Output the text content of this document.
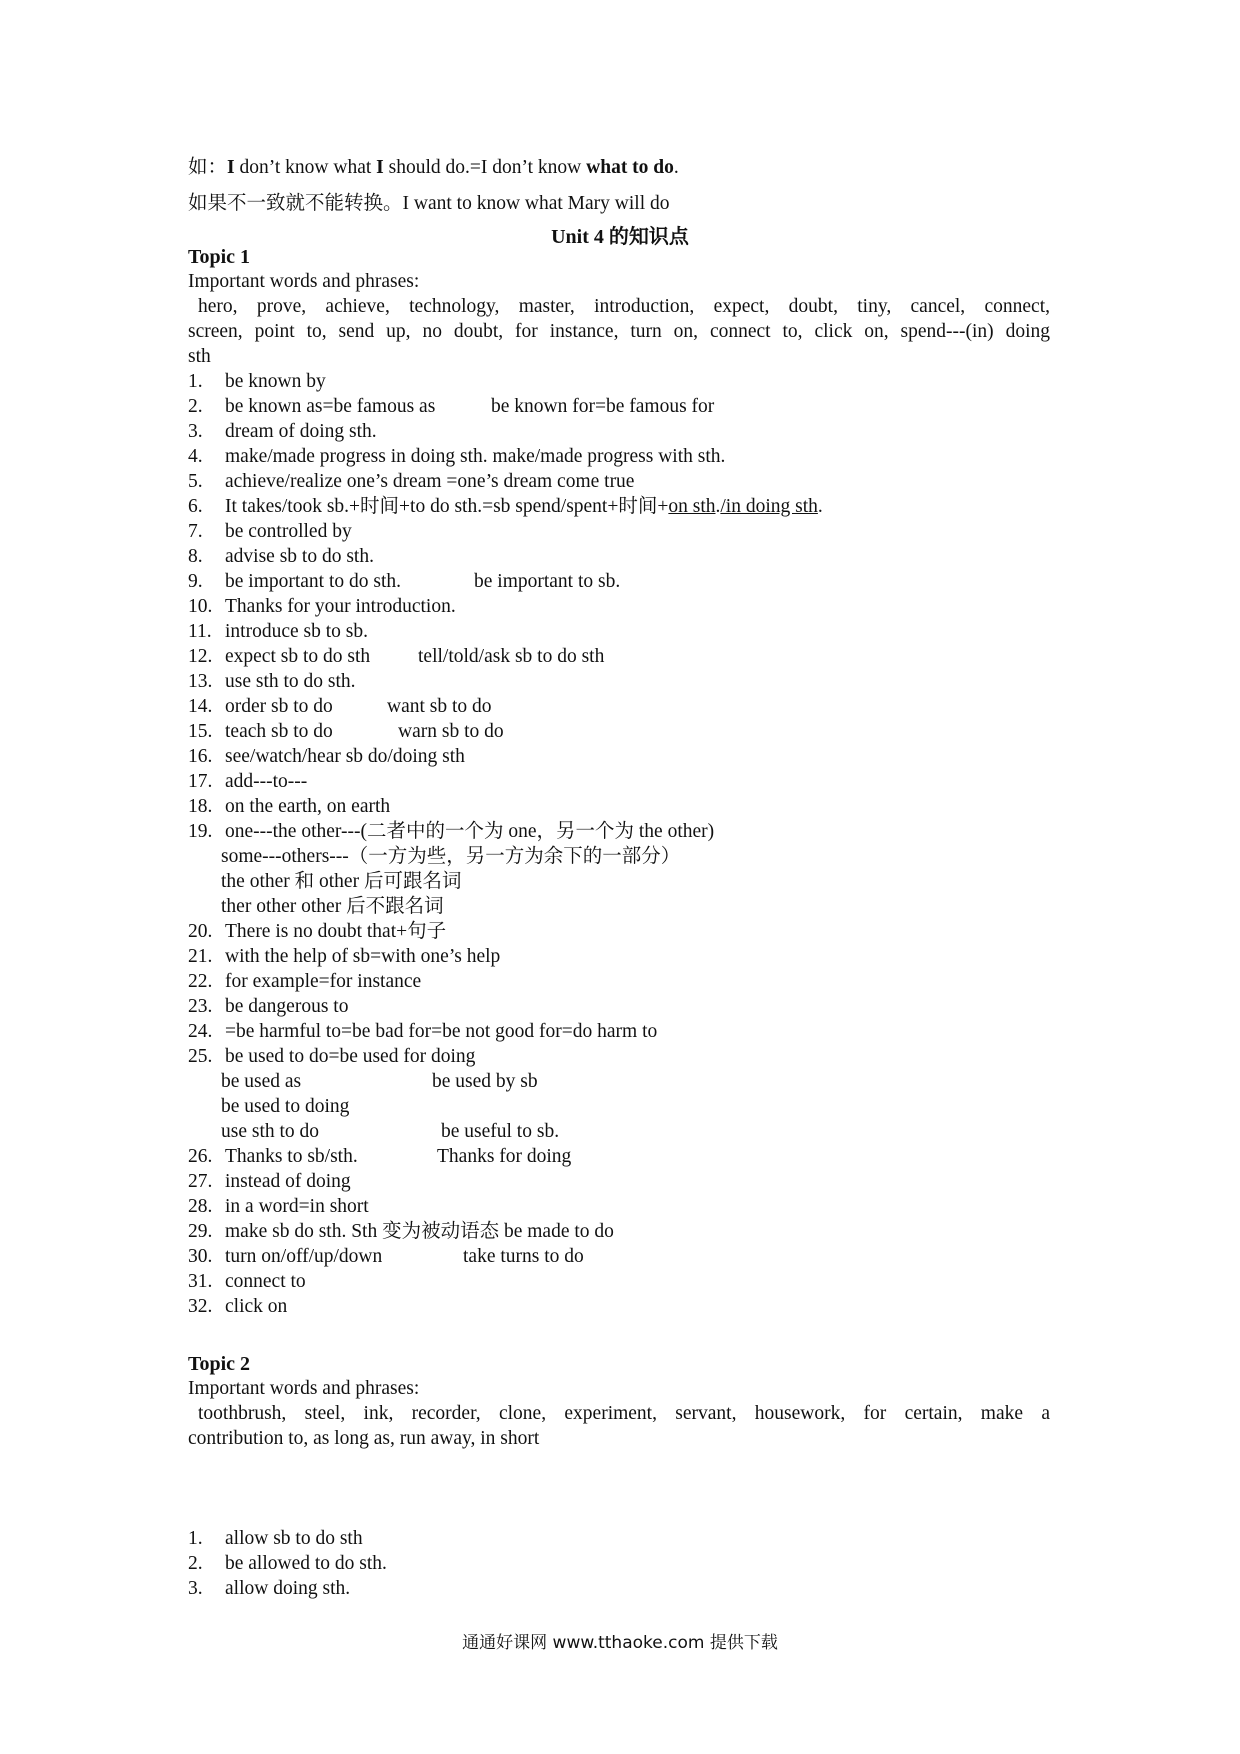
如：I don’t know what I should do.=I don’t know what to do.
如果不一致就不能转换。I want to know what Mary will do
Unit 4 的知识点
Topic 1
Important words and phrases:
hero, prove, achieve, technology, master, introduction, expect, doubt, tiny, cancel, connect,
screen, point to, send up, no doubt, for instance, turn on, connect to, click on, spend---(in) doing
sth
1.	be known by
2.	be known as=be famous as	be known for=be famous for
3.	dream of doing sth.
4.	make/made progress in doing sth. make/made progress with sth.
5.	achieve/realize one’s dream =one’s dream come true
6.	It takes/took sb.+时间+to do sth.=sb spend/spent+时间+on sth./in doing sth.
7.	be controlled by
8.	advise sb to do sth.
9.	be important to do sth.	be important to sb.
10. Thanks for your introduction.
11. introduce sb to sb.
12. expect sb to do sth tell/told/ask sb to do sth
13. use sth to do sth.
14. order sb to do	want sb to do
15. teach sb to do	warn sb to do
16. see/watch/hear sb do/doing sth
17. add---to---
18. on the earth, on earth
19. one---the other---(二者中的一个为 one，另一个为 the other)
20. There is no doubt that+句子
21. with the help of sb=with one’s help
22. for example=for instance
23. be dangerous to
24. =be harmful to=be bad for=be not good for=do harm to
25. be used to do=be used for doing
26. Thanks to sb/sth.	Thanks for doing
27. instead of doing
28. in a word=in short
29. make sb do sth. Sth 变为被动语态 be made to do
30. turn on/off/up/down	take turns to do
31. connect to
32. click on
some---others---（一方为些，另一方为余下的一部分）
the other 和 other 后可跟名词
ther other other 后不跟名词
be used as	be used by sb
be used to doing
use sth to do	be useful to sb.
Topic 2
Important words and phrases:
toothbrush, steel, ink, recorder, clone, experiment, servant, housework, for certain, make a
contribution to, as long as, run away, in short
1.	allow sb to do sth
2.	be allowed to do sth.
3.	allow doing sth.
通通好课网 www.tthaoke.com 提供下载
